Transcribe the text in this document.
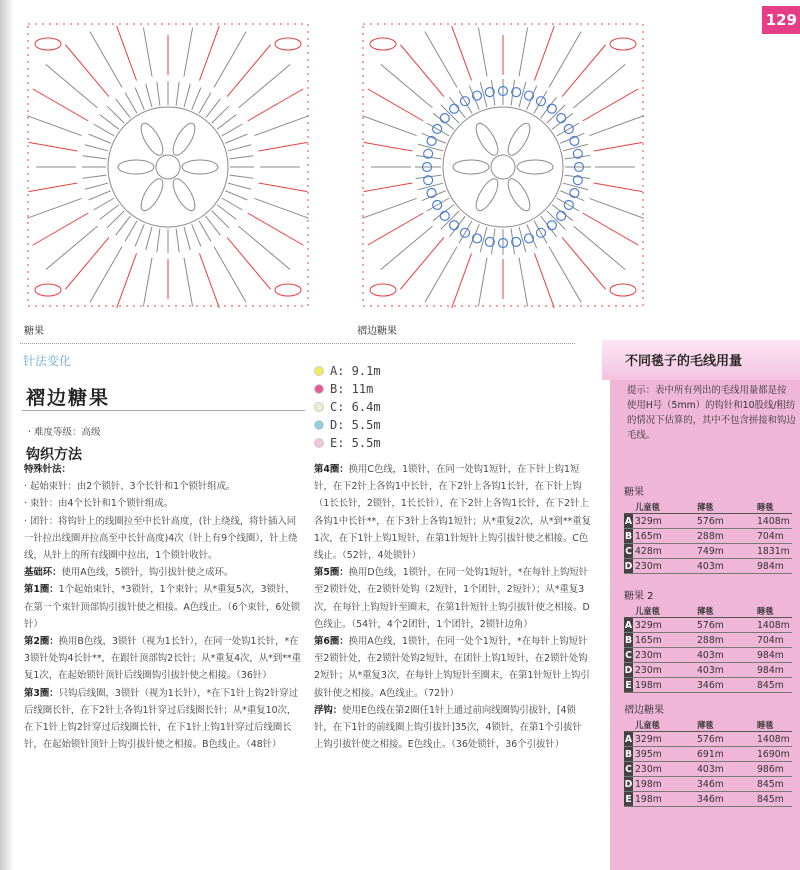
129
糖果	褶边糖果
针法变化
褶边糖果
· 难度等级：高级
钩织方法

特殊针法：

· 起始束针：由2个锁针、3个长针和1个锁针组成。

· 束针：由4个长针和1个锁针组成。

· 团针：将钩针上的线圈拉至中长针高度，(针上绕线，将针插入同一针拉出线圈并拉高至中长针高度)4次（针上有9个线圈），针上绕线，从针上的所有线圈中拉出，1个锁针收针。

基础环：使用A色线，5锁针，钩引拔针使之成环。

第1圈：1个起始束针，*3锁针，1个束针；从*重复5次，3锁针，在第一个束针顶部钩引拔针使之相接。A色线止。（6个束针，6处锁针）

第2圈：换用B色线，3锁针（视为1长针），在同一处钩1长针，*在3锁针处钩4长针**，在跟针顶部钩2长针；从*重复4次，从*到**重复1次，在起始锁针顶针后线圈钩引拔针使之相接。（36针）

第3圈：只钩后线圈，3锁针（视为1长针），*在下1针上钩2针穿过后线圈长针，在下2针上各钩1针穿过后线圈长针；从*重复10次，在下1针上钩2针穿过后线圈长针，在下1针上钩1针穿过后线圈长针，在起始锁针顶针上钩引拔针使之相接。B色线止。（48针）

A: 9.1m
B: 11m
C: 6.4m
D: 5.5m
E: 5.5m

第4圈：换用C色线，1锁针，在同一处钩1短针，在下针上钩1短针，在下2针上各钩1中长针，在下2针上各钩1长针，在下针上钩（1长长针，2锁针，1长长针），在下2针上各钩1长针，在下2针上各钩1中长针**，在下3针上各钩1短针；从*重复2次，从*到**重复1次，在下1针上钩1短针，在第1针短针上钩引拔针使之相接。C色线止。（52针，4处锁针）

第5圈：换用D色线，1锁针，在同一处钩1短针，*在每针上钩短针至2锁针处，在2锁针处钩（2短针，1个团针，2短针）；从*重复3次，在每针上钩短针至圈末，在第1针短针上钩引拔针使之相接。D色线止。（54针，4个2团针，1个团针，2锁针边角）

第6圈：换用A色线，1锁针，在同一处个1短针，*在每针上钩短针至2锁针处，在2锁针处钩2短针，在团针上钩1短针，在2锁针处钩2短针；从*重复3次，在每针上钩短针至圈末，在第1针短针上钩引拔针使之相接。A色线止。（72针）

浮钩：使用E色线在第2圈任1针上通过前向线圈钩引拔针，[4锁针，在下1针的前线圈上钩引拔针]35次，4锁针，在第1个引拔针上钩引拔针使之相接。E色线止。（36处锁针，36个引拔针）

不同毯子的毛线用量
提示：表中所有列出的毛线用量都是按
使用H号（5mm）的钩针和10股线/粗纺
的情况下估算的，其中不包含拼接和钩边
毛线。
糖果
	儿童毯	薄毯	睡毯
A	329m	576m	1408m
B	165m	288m	704m
C	428m	749m	1831m
D	230m	403m	984m
糖果 2
	儿童毯	薄毯	睡毯
A	329m	576m	1408m
B	165m	288m	704m
C	230m	403m	984m
D	230m	403m	984m
E	198m	346m	845m
褶边糖果
	儿童毯	薄毯	睡毯
A	329m	576m	1408m
B	395m	691m	1690m
C	230m	403m	986m
D	198m	346m	845m
E	198m	346m	845m
